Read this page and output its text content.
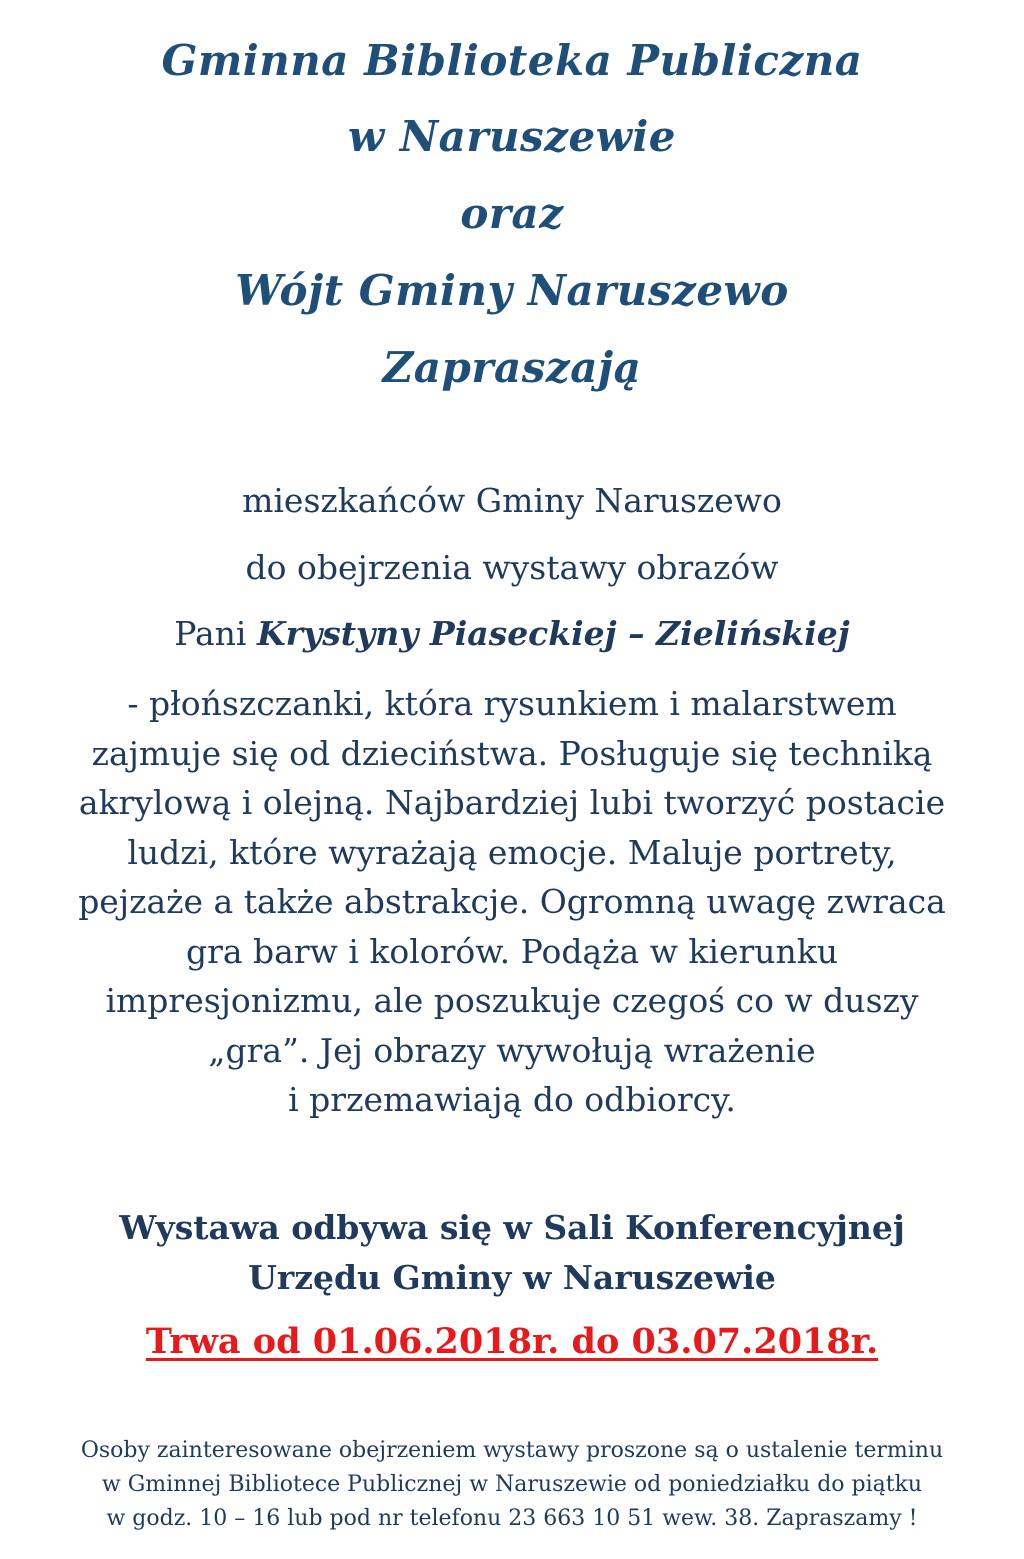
Gminna Biblioteka Publiczna
w Naruszewie
oraz
Wójt Gminy Naruszewo
Zapraszają
mieszkańców Gminy Naruszewo
do obejrzenia wystawy obrazów
Pani Krystyny Piaseckiej – Zielińskiej
- płońszczanki, która rysunkiem i malarstwem
zajmuje się od dzieciństwa. Posługuje się techniką
akrylową i olejną. Najbardziej lubi tworzyć postacie
ludzi, które wyrażają emocje. Maluje portrety,
pejzaże a także abstrakcje. Ogromną uwagę zwraca
gra barw i kolorów. Podąża w kierunku
impresjonizmu, ale poszukuje czegoś co w duszy
„gra”. Jej obrazy wywołują wrażenie
i przemawiają do odbiorcy.
Wystawa odbywa się w Sali Konferencyjnej
Urzędu Gminy w Naruszewie
Trwa od 01.06.2018r. do 03.07.2018r.
Osoby zainteresowane obejrzeniem wystawy proszone są o ustalenie terminu
w Gminnej Bibliotece Publicznej w Naruszewie od poniedziałku do piątku
w godz. 10 – 16 lub pod nr telefonu 23 663 10 51 wew. 38. Zapraszamy !
